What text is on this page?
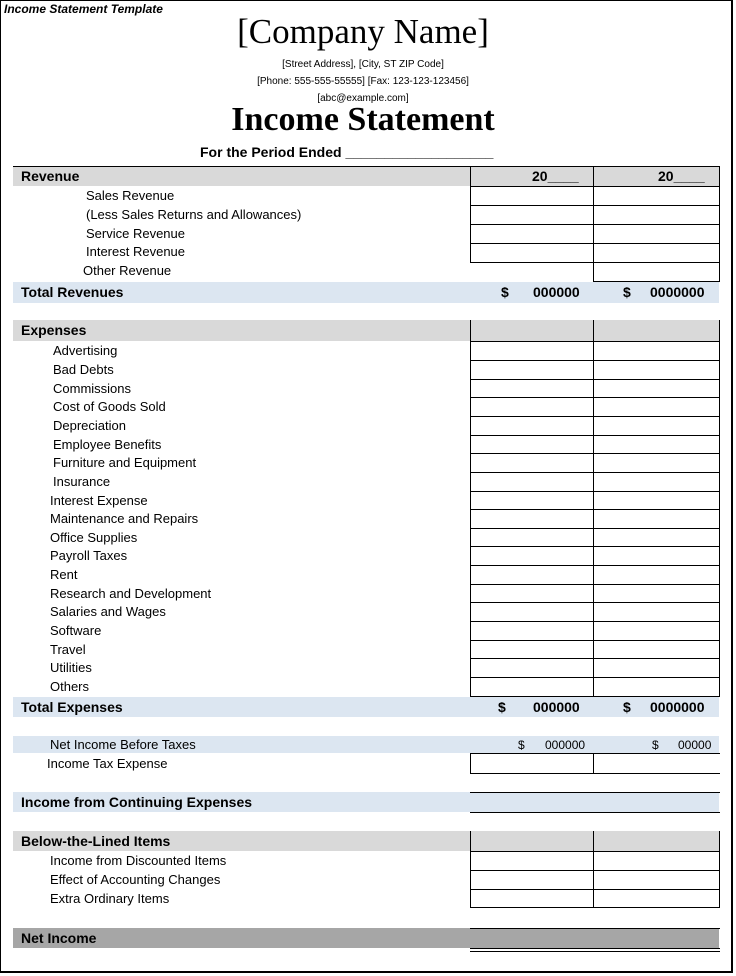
Income Statement Template
[Company Name]
[Street Address], [City, ST ZIP Code]
[Phone: 555-555-55555] [Fax: 123-123-123456]
[abc@example.com]
Income Statement
For the Period Ended ___________________
Revenue	20____	20____
Sales Revenue
(Less Sales Returns and Allowances)
Service Revenue
Interest Revenue
Other Revenue
Total Revenues	$ 000000	$ 0000000
Expenses
Advertising
Bad Debts
Commissions
Cost of Goods Sold
Depreciation
Employee Benefits
Furniture and Equipment
Insurance
Interest Expense
Maintenance and Repairs
Office Supplies
Payroll Taxes
Rent
Research and Development
Salaries and Wages
Software
Travel
Utilities
Others
Total Expenses	$ 000000	$ 0000000
Net Income Before Taxes	$ 000000	$ 00000
Income Tax Expense
Income from Continuing Expenses
Below-the-Lined Items
Income from Discounted Items
Effect of Accounting Changes
Extra Ordinary Items
Net Income
